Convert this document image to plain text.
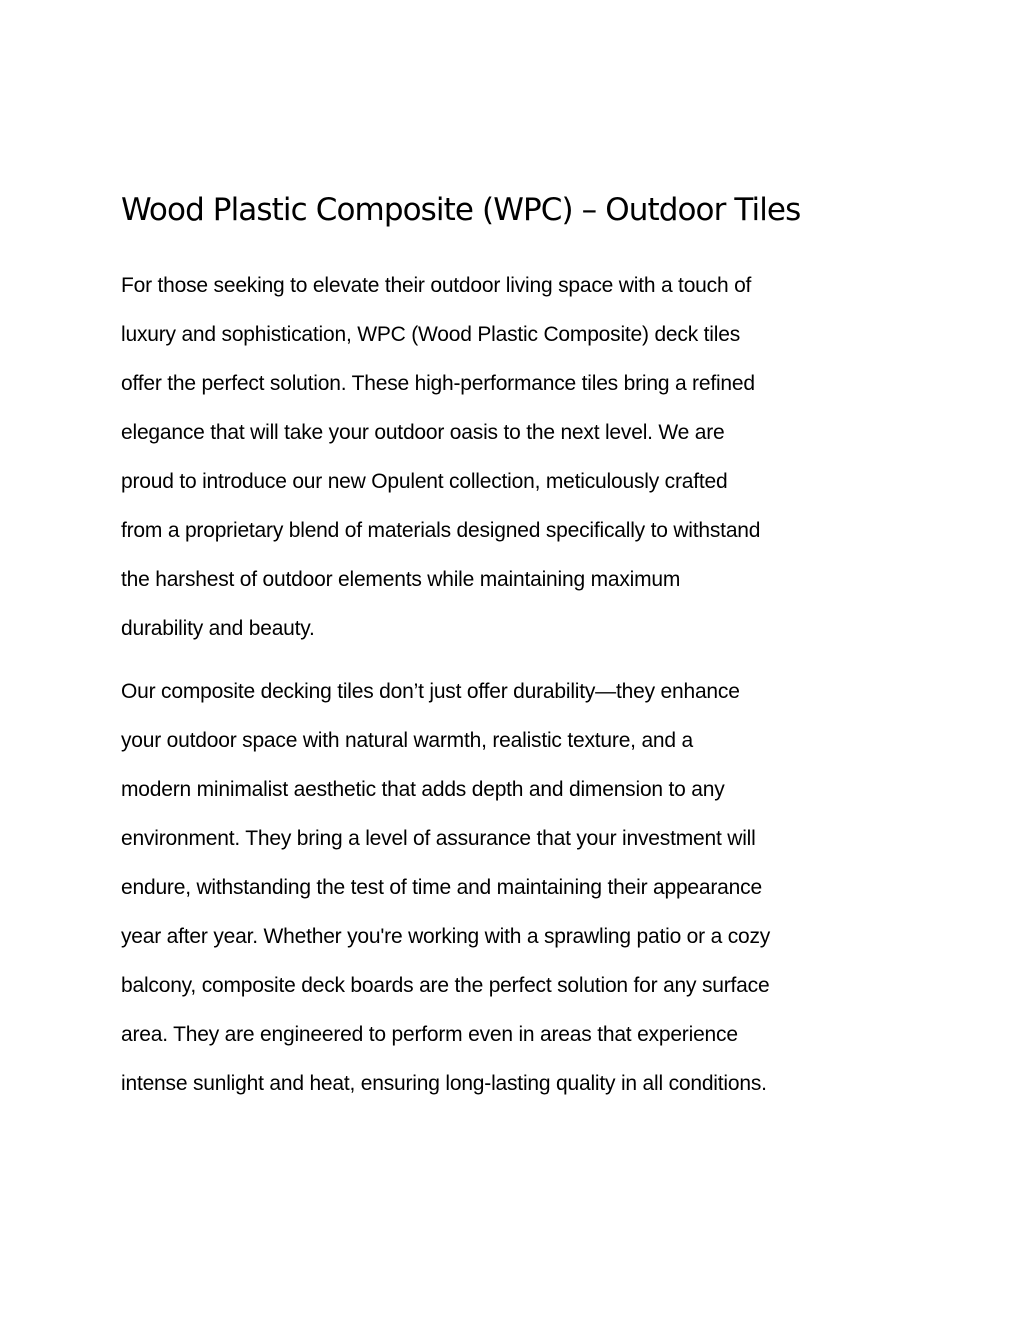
Wood Plastic Composite (WPC) – Outdoor Tiles

For those seeking to elevate their outdoor living space with a touch of
luxury and sophistication, WPC (Wood Plastic Composite) deck tiles
offer the perfect solution. These high-performance tiles bring a refined
elegance that will take your outdoor oasis to the next level. We are
proud to introduce our new Opulent collection, meticulously crafted
from a proprietary blend of materials designed specifically to withstand
the harshest of outdoor elements while maintaining maximum
durability and beauty.

Our composite decking tiles don’t just offer durability—they enhance
your outdoor space with natural warmth, realistic texture, and a
modern minimalist aesthetic that adds depth and dimension to any
environment. They bring a level of assurance that your investment will
endure, withstanding the test of time and maintaining their appearance
year after year. Whether you're working with a sprawling patio or a cozy
balcony, composite deck boards are the perfect solution for any surface
area. They are engineered to perform even in areas that experience
intense sunlight and heat, ensuring long-lasting quality in all conditions.
